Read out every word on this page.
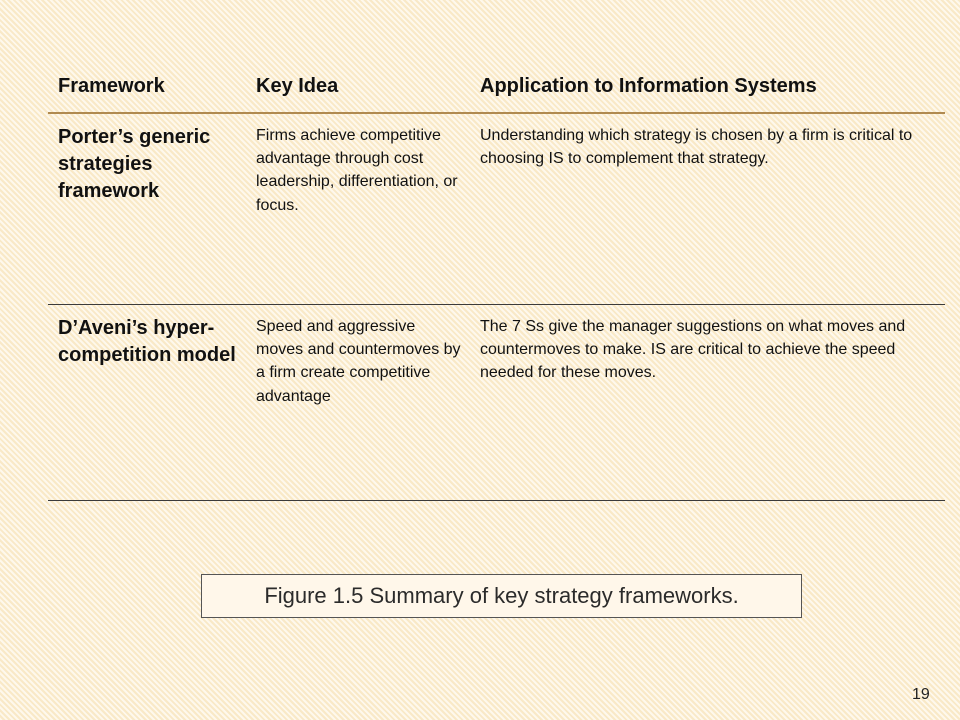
Framework	Key Idea	Application to Information Systems
Porter’s generic strategies framework	Firms achieve competitive advantage through cost leadership, differentiation, or focus.	Understanding which strategy is chosen by a firm is critical to choosing IS to complement that strategy.
D’Aveni’s hyper-competition model	Speed and aggressive moves and countermoves by a firm create competitive advantage	The 7 Ss give the manager suggestions on what moves and countermoves to make. IS are critical to achieve the speed needed for these moves.
Figure 1.5 Summary of key strategy frameworks.
19
